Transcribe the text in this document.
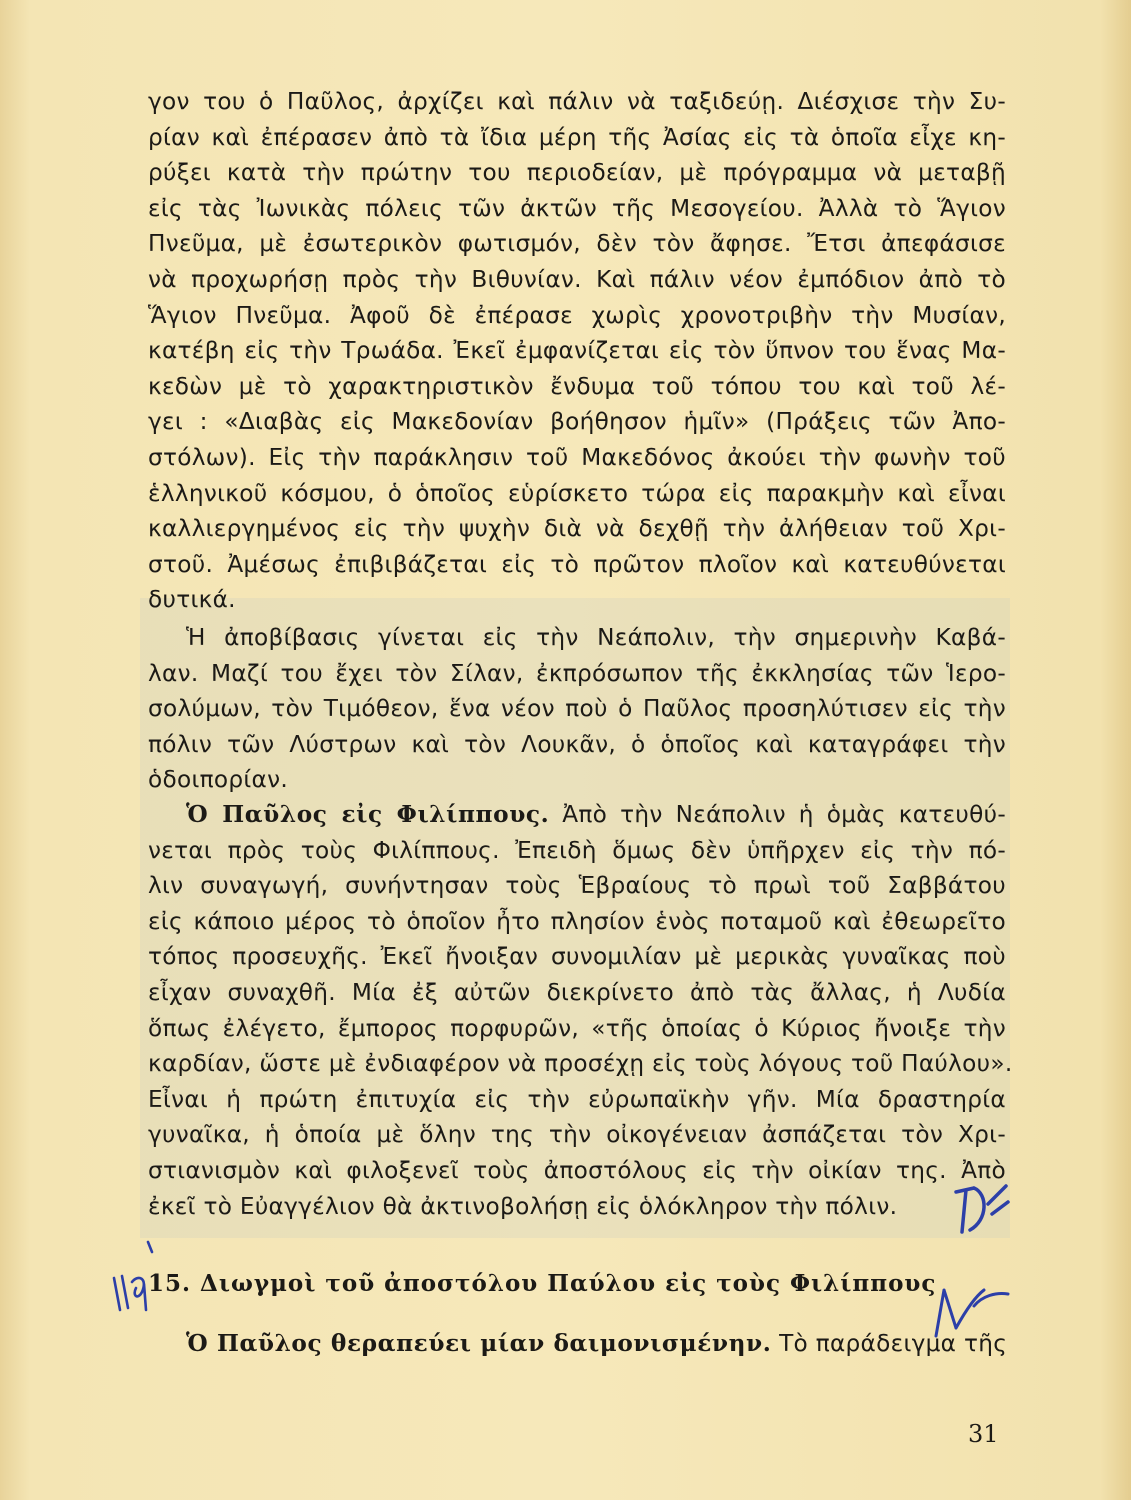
γον του ὁ Παῦλος, ἀρχίζει καὶ πάλιν νὰ ταξιδεύῃ. Διέσχισε τὴν Συ-
ρίαν καὶ ἐπέρασεν ἀπὸ τὰ ἴδια μέρη τῆς Ἀσίας εἰς τὰ ὁποῖα εἶχε κη-
ρύξει κατὰ τὴν πρώτην του περιοδείαν, μὲ πρόγραμμα νὰ μεταβῇ
εἰς τὰς Ἰωνικὰς πόλεις τῶν ἀκτῶν τῆς Μεσογείου. Ἀλλὰ τὸ Ἅγιον
Πνεῦμα, μὲ ἐσωτερικὸν φωτισμόν, δὲν τὸν ἄφησε. Ἔτσι ἀπεφάσισε
νὰ προχωρήσῃ πρὸς τὴν Βιθυνίαν. Καὶ πάλιν νέον ἐμπόδιον ἀπὸ τὸ
Ἅγιον Πνεῦμα. Ἀφοῦ δὲ ἐπέρασε χωρὶς χρονοτριβὴν τὴν Μυσίαν,
κατέβη εἰς τὴν Τρωάδα. Ἐκεῖ ἐμφανίζεται εἰς τὸν ὕπνον του ἕνας Μα-
κεδὼν μὲ τὸ χαρακτηριστικὸν ἔνδυμα τοῦ τόπου του καὶ τοῦ λέ-
γει : «Διαβὰς εἰς Μακεδονίαν βοήθησον ἡμῖν» (Πράξεις τῶν Ἀπο-
στόλων). Εἰς τὴν παράκλησιν τοῦ Μακεδόνος ἀκούει τὴν φωνὴν τοῦ
ἑλληνικοῦ κόσμου, ὁ ὁποῖος εὑρίσκετο τώρα εἰς παρακμὴν καὶ εἶναι
καλλιεργημένος εἰς τὴν ψυχὴν διὰ νὰ δεχθῇ τὴν ἀλήθειαν τοῦ Χρι-
στοῦ. Ἀμέσως ἐπιβιβάζεται εἰς τὸ πρῶτον πλοῖον καὶ κατευθύνεται
δυτικά.
Ἡ ἀποβίβασις γίνεται εἰς τὴν Νεάπολιν, τὴν σημερινὴν Καβά-
λαν. Μαζί του ἔχει τὸν Σίλαν, ἐκπρόσωπον τῆς ἐκκλησίας τῶν Ἱερο-
σολύμων, τὸν Τιμόθεον, ἕνα νέον ποὺ ὁ Παῦλος προσηλύτισεν εἰς τὴν
πόλιν τῶν Λύστρων καὶ τὸν Λουκᾶν, ὁ ὁποῖος καὶ καταγράφει τὴν
ὁδοιπορίαν.
Ὁ Παῦλος εἰς Φιλίππους. Ἀπὸ τὴν Νεάπολιν ἡ ὁμὰς κατευθύ-
νεται πρὸς τοὺς Φιλίππους. Ἐπειδὴ ὅμως δὲν ὑπῆρχεν εἰς τὴν πό-
λιν συναγωγή, συνήντησαν τοὺς Ἑβραίους τὸ πρωὶ τοῦ Σαββάτου
εἰς κάποιο μέρος τὸ ὁποῖον ἦτο πλησίον ἑνὸς ποταμοῦ καὶ ἐθεωρεῖτο
τόπος προσευχῆς. Ἐκεῖ ἤνοιξαν συνομιλίαν μὲ μερικὰς γυναῖκας ποὺ
εἶχαν συναχθῆ. Μία ἐξ αὐτῶν διεκρίνετο ἀπὸ τὰς ἄλλας, ἡ Λυδία
ὅπως ἐλέγετο, ἔμπορος πορφυρῶν, «τῆς ὁποίας ὁ Κύριος ἤνοιξε τὴν
καρδίαν, ὥστε μὲ ἐνδιαφέρον νὰ προσέχῃ εἰς τοὺς λόγους τοῦ Παύλου».
Εἶναι ἡ πρώτη ἐπιτυχία εἰς τὴν εὐρωπαϊκὴν γῆν. Μία δραστηρία
γυναῖκα, ἡ ὁποία μὲ ὅλην της τὴν οἰκογένειαν ἀσπάζεται τὸν Χρι-
στιανισμὸν καὶ φιλοξενεῖ τοὺς ἀποστόλους εἰς τὴν οἰκίαν της. Ἀπὸ
ἐκεῖ τὸ Εὐαγγέλιον θὰ ἀκτινοβολήσῃ εἰς ὁλόκληρον τὴν πόλιν.
15. Διωγμοὶ τοῦ ἀποστόλου Παύλου εἰς τοὺς Φιλίππους
Ὁ Παῦλος θεραπεύει μίαν δαιμονισμένην. Τὸ παράδειγμα τῆς
31
